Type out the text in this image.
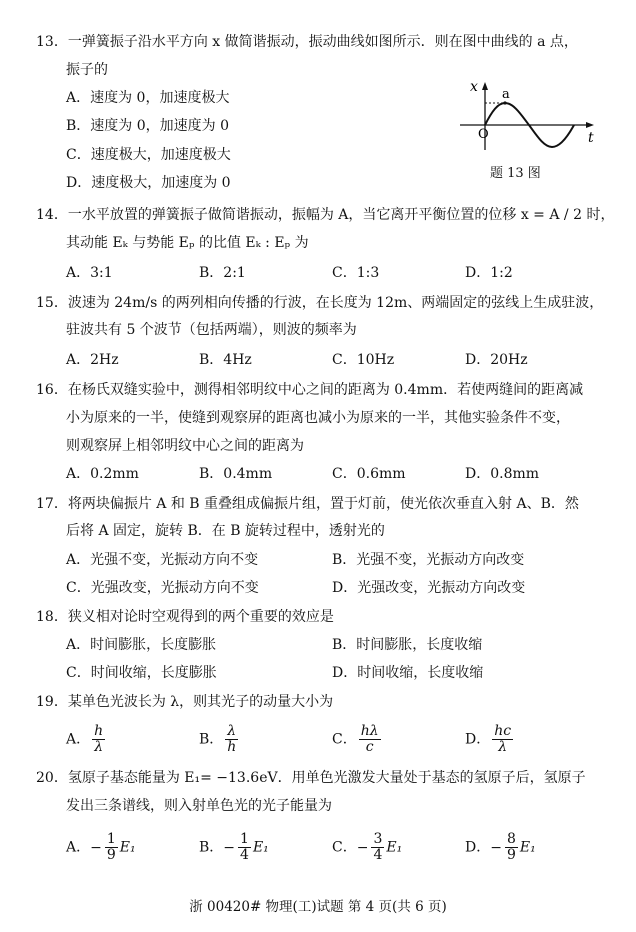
13．一弹簧振子沿水平方向 x 做简谐振动，振动曲线如图所示．则在图中曲线的 a 点，
振子的
A．速度为 0，加速度极大
B．速度为 0，加速度为 0
C．速度极大，加速度极大
D．速度极大，加速度为 0
x a
O	t
题 13 图
14．一水平放置的弹簧振子做简谐振动，振幅为 A，当它离开平衡位置的位移 x = A / 2 时，
其动能 Eₖ 与势能 Eₚ 的比值 Eₖ : Eₚ 为
A．3:1	B．2:1	C．1:3	D．1:2
15．波速为 24m/s 的两列相向传播的行波，在长度为 12m、两端固定的弦线上生成驻波，
驻波共有 5 个波节（包括两端），则波的频率为
A．2Hz	B．4Hz	C．10Hz	D．20Hz
16．在杨氏双缝实验中，测得相邻明纹中心之间的距离为 0.4mm．若使两缝间的距离减
小为原来的一半，使缝到观察屏的距离也减小为原来的一半，其他实验条件不变，
则观察屏上相邻明纹中心之间的距离为
A．0.2mm	B．0.4mm	C．0.6mm	D．0.8mm
17．将两块偏振片 A 和 B 重叠组成偏振片组，置于灯前，使光依次垂直入射 A、B．然
后将 A 固定，旋转 B．在 B 旋转过程中，透射光的
A．光强不变，光振动方向不变	B．光强不变，光振动方向改变
C．光强改变，光振动方向不变	D．光强改变，光振动方向改变
18．狭义相对论时空观得到的两个重要的效应是
A．时间膨胀，长度膨胀	B．时间膨胀，长度收缩
C．时间收缩，长度膨胀	D．时间收缩，长度收缩
19．某单色光波长为 λ，则其光子的动量大小为
A． $\frac{h}{\lambda}$	B． $\frac{\lambda}{h}$	C． $\frac{h\lambda}{c}$	D． $\frac{hc}{\lambda}$
20．氢原子基态能量为 E₁= −13.6eV．用单色光激发大量处于基态的氢原子后，氢原子
发出三条谱线，则入射单色光的光子能量为
A．− $\frac{1}{9} E_1$	B．− $\frac{1}{4} E_1$	C．− $\frac{3}{4} E_1$	D．− $\frac{8}{9} E_1$
浙 00420# 物理(工)试题 第 4 页(共 6 页)
